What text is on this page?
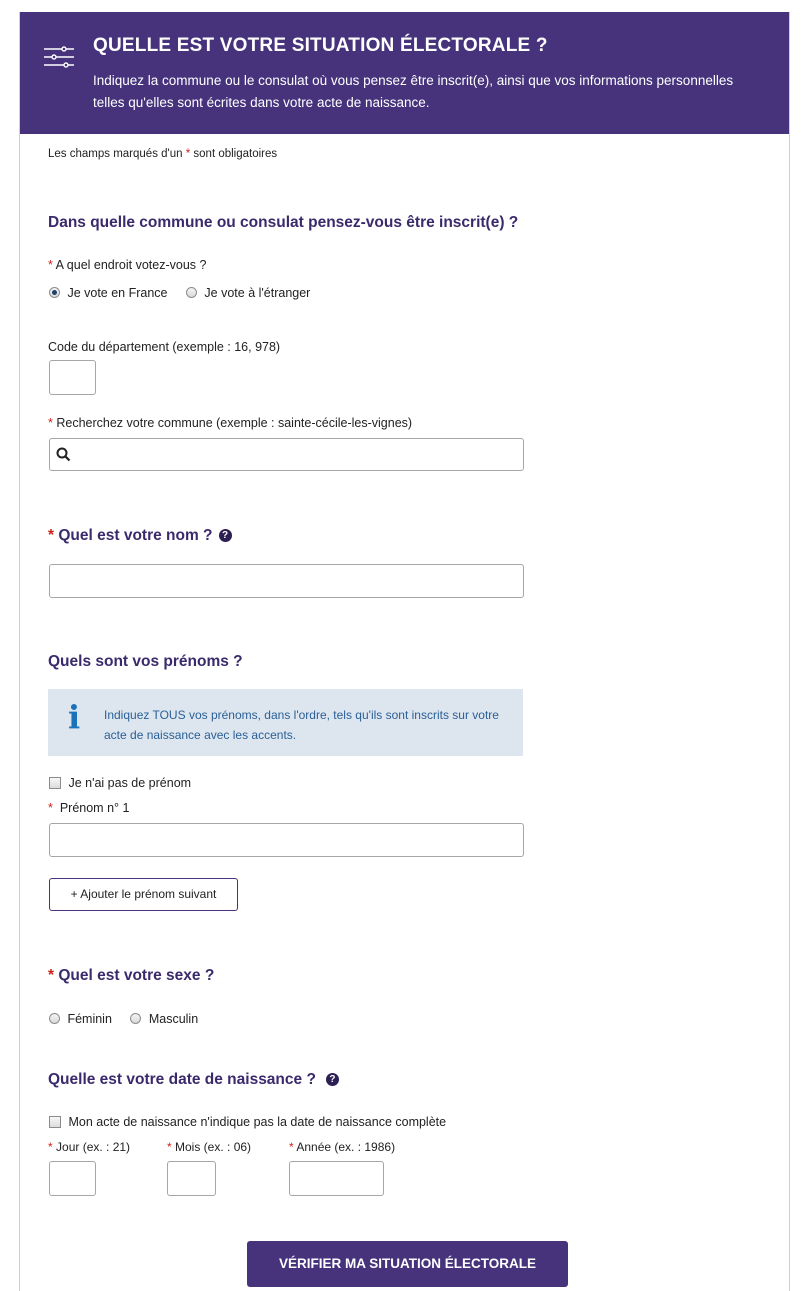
QUELLE EST VOTRE SITUATION ÉLECTORALE ?
Indiquez la commune ou le consulat où vous pensez être inscrit(e), ainsi que vos informations personnelles telles qu'elles sont écrites dans votre acte de naissance.
Les champs marqués d'un * sont obligatoires
Dans quelle commune ou consulat pensez-vous être inscrit(e) ?
* A quel endroit votez-vous ?
Je vote en France	Je vote à l'étranger
Code du département (exemple : 16, 978)
* Recherchez votre commune (exemple : sainte-cécile-les-vignes)
* Quel est votre nom ? ?
Quels sont vos prénoms ?
i Indiquez TOUS vos prénoms, dans l'ordre, tels qu'ils sont inscrits sur votre acte de naissance avec les accents.
Je n'ai pas de prénom
* Prénom n° 1
+ Ajouter le prénom suivant
* Quel est votre sexe ?
Féminin	Masculin
Quelle est votre date de naissance ? ?
Mon acte de naissance n'indique pas la date de naissance complète
* Jour (ex. : 21)	* Mois (ex. : 06)	* Année (ex. : 1986)
VÉRIFIER MA SITUATION ÉLECTORALE
